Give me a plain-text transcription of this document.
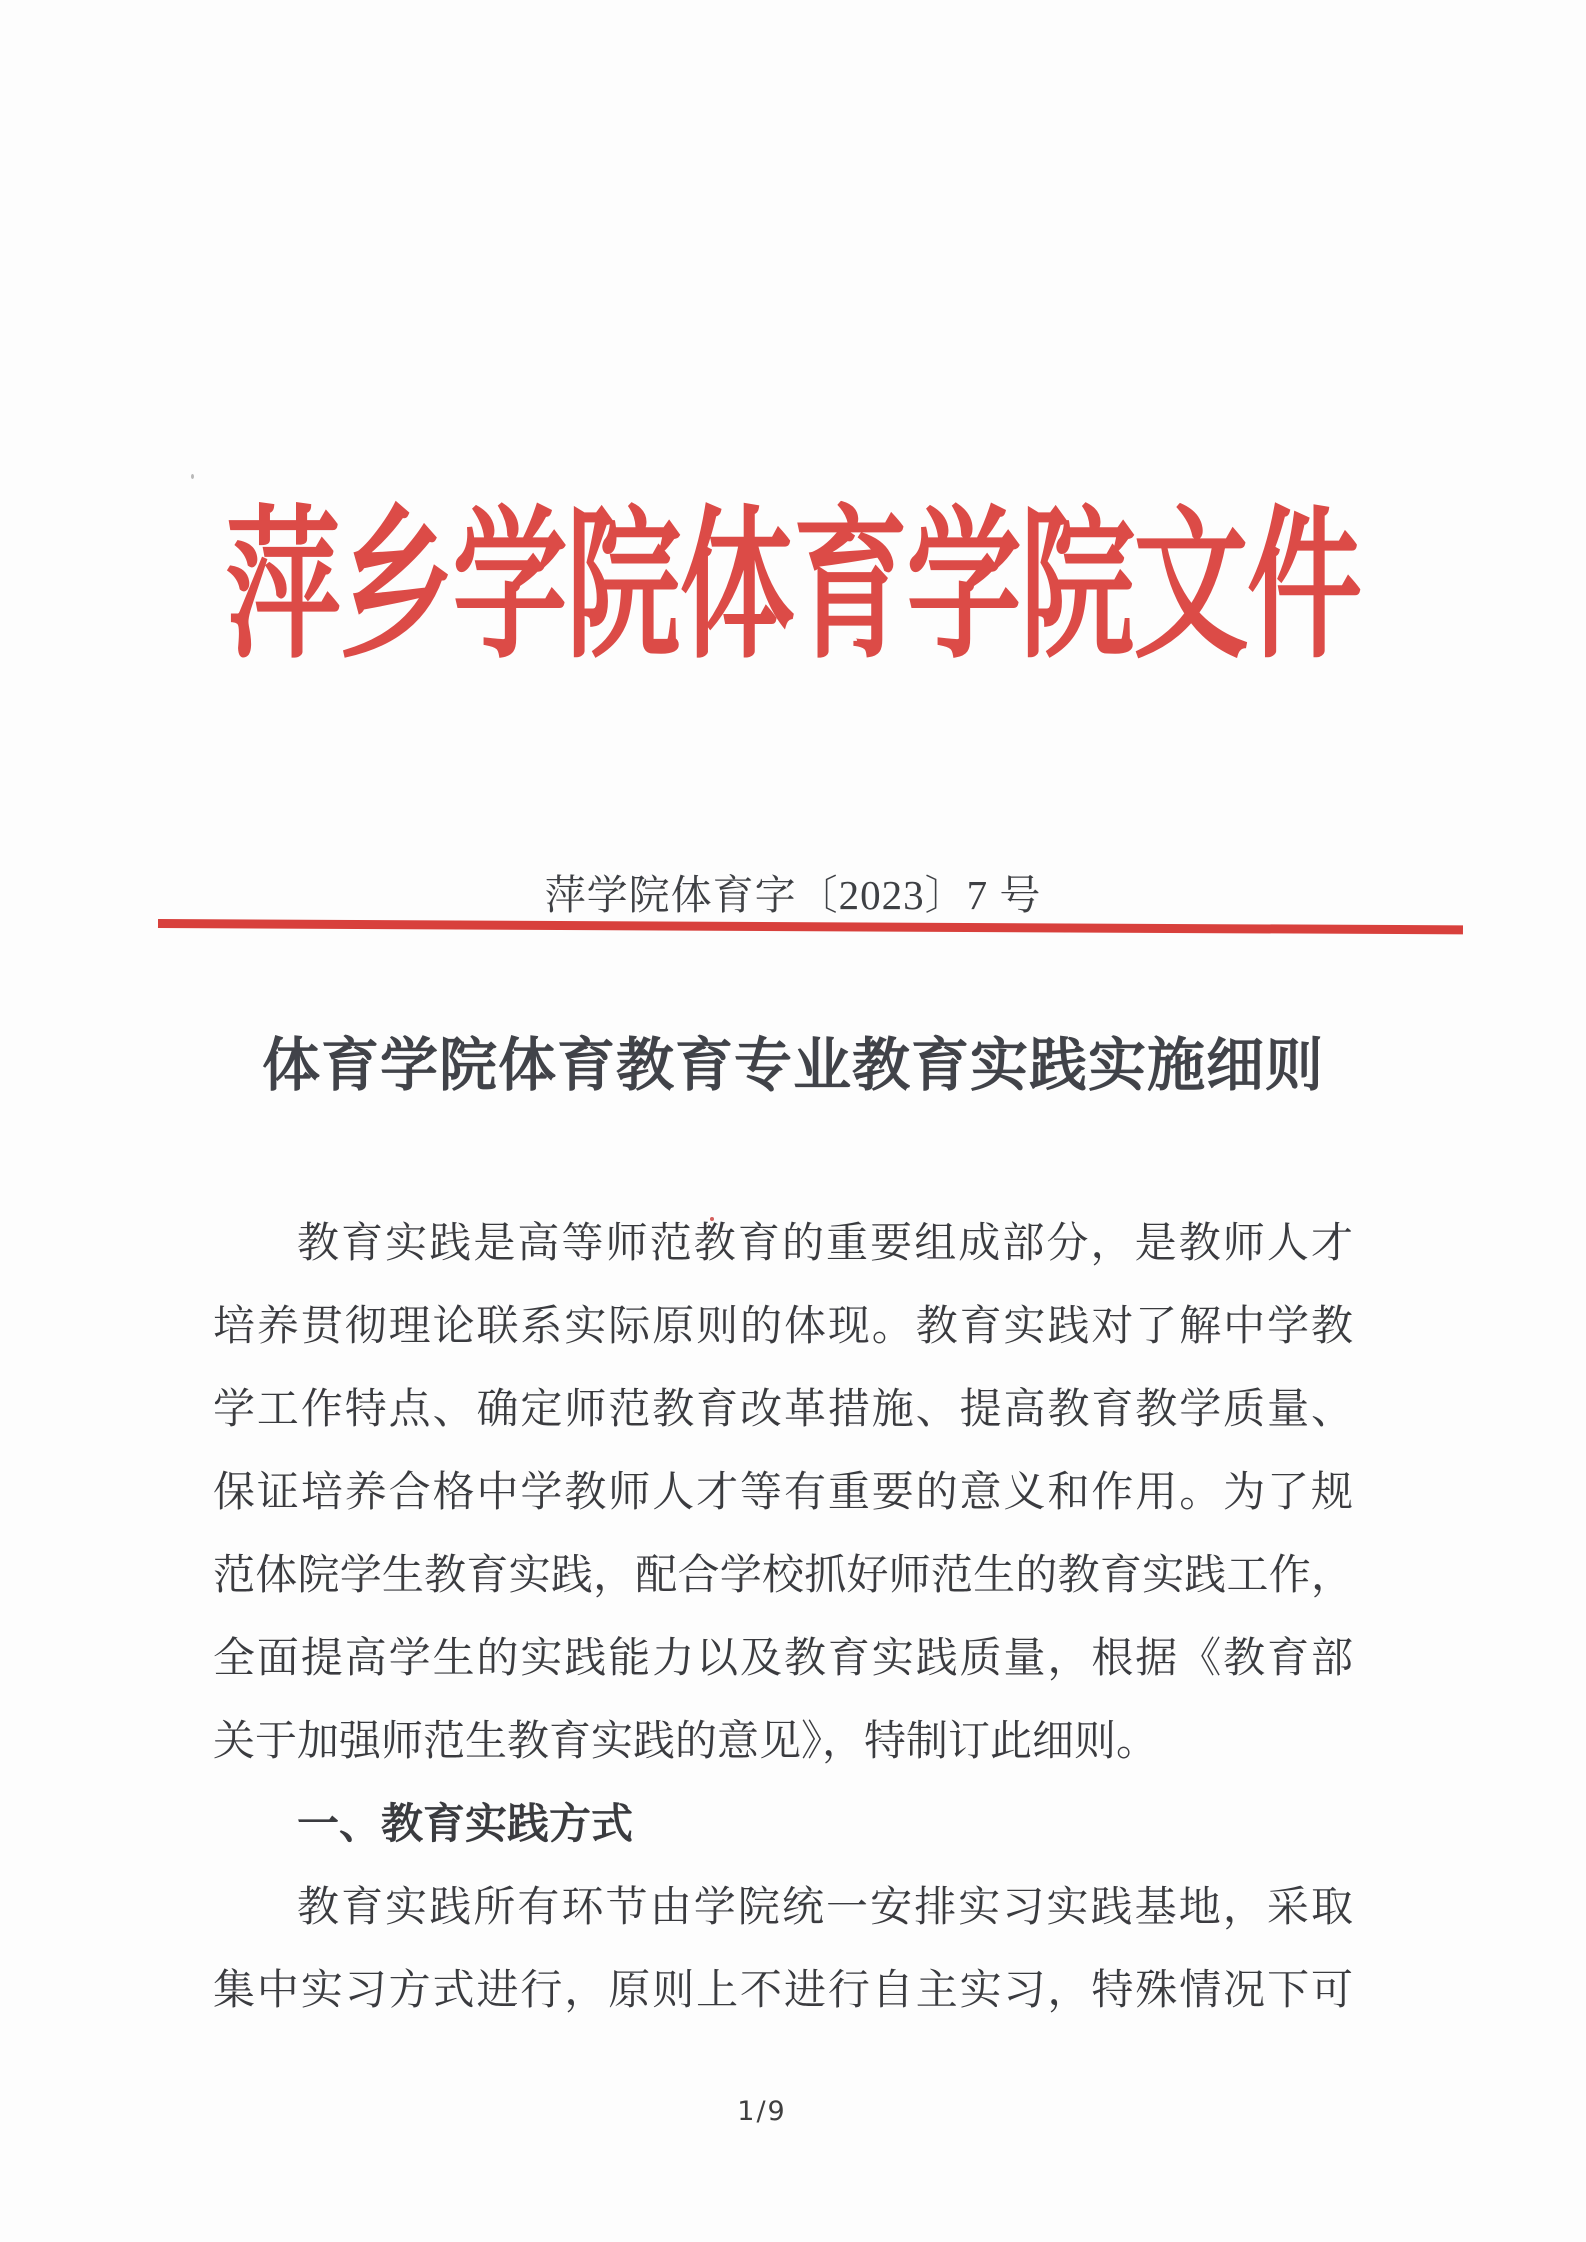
萍乡学院体育学院文件
萍学院体育字〔2023〕7 号
体育学院体育教育专业教育实践实施细则
教育实践是高等师范教育的重要组成部分，是教师人才
培养贯彻理论联系实际原则的体现。教育实践对了解中学教
学工作特点、确定师范教育改革措施、提高教育教学质量、
保证培养合格中学教师人才等有重要的意义和作用。为了规
范体院学生教育实践，配合学校抓好师范生的教育实践工作，
全面提高学生的实践能力以及教育实践质量，根据《教育部
关于加强师范生教育实践的意见》，特制订此细则。
一、教育实践方式
教育实践所有环节由学院统一安排实习实践基地，采取
集中实习方式进行，原则上不进行自主实习，特殊情况下可
1/9
